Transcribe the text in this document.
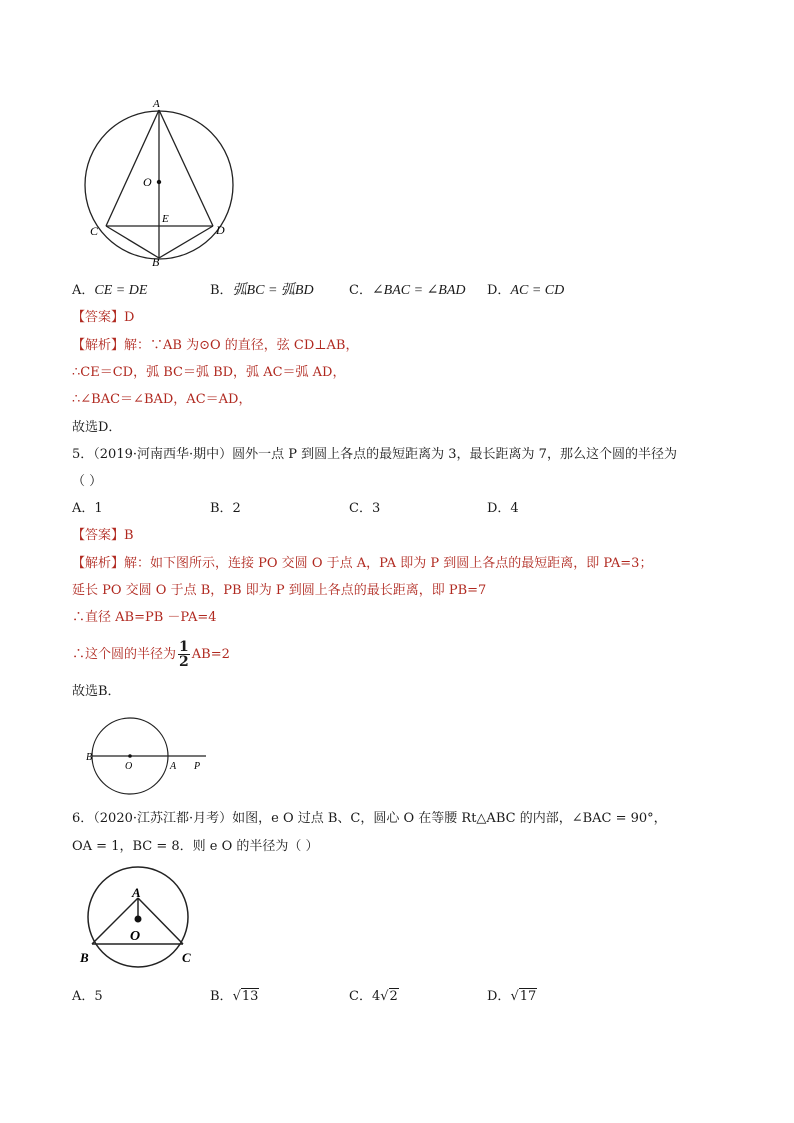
A
O
E
C	D
B
A．CE = DE	B．弧BC = 弧BD	C．∠BAC = ∠BAD D．AC = CD
【答案】D
【解析】解：∵AB 为⊙O 的直径，弦 CD⊥AB，
∴CE＝CD，弧 BC＝弧 BD，弧 AC＝弧 AD，
∴∠BAC＝∠BAD，AC＝AD，
故选D．
5．（2019·河南西华·期中）圆外一点 P 到圆上各点的最短距离为 3，最长距离为 7，那么这个圆的半径为
（ ）
A．1	B．2	C．3	D．4
【答案】B
【解析】解：如下图所示，连接 PO 交圆 O 于点 A，PA 即为 P 到圆上各点的最短距离，即 PA=3；
延长 PO 交圆 O 于点 B，PB 即为 P 到圆上各点的最长距离，即 PB=7
∴直径 AB=PB －PA=4
∴这个圆的半径为 $\frac{1}{2} AB=2$
故选B．
B
O	A P
6．（2020·江苏江都·月考）如图，e O 过点 B、C，圆心 O 在等腰 Rt△ABC 的内部，∠BAC = 90°，
OA = 1，BC = 8．则 e O 的半径为（ ）
A
O
B	C
A．5	B．√13	C．4√2	D．√17
